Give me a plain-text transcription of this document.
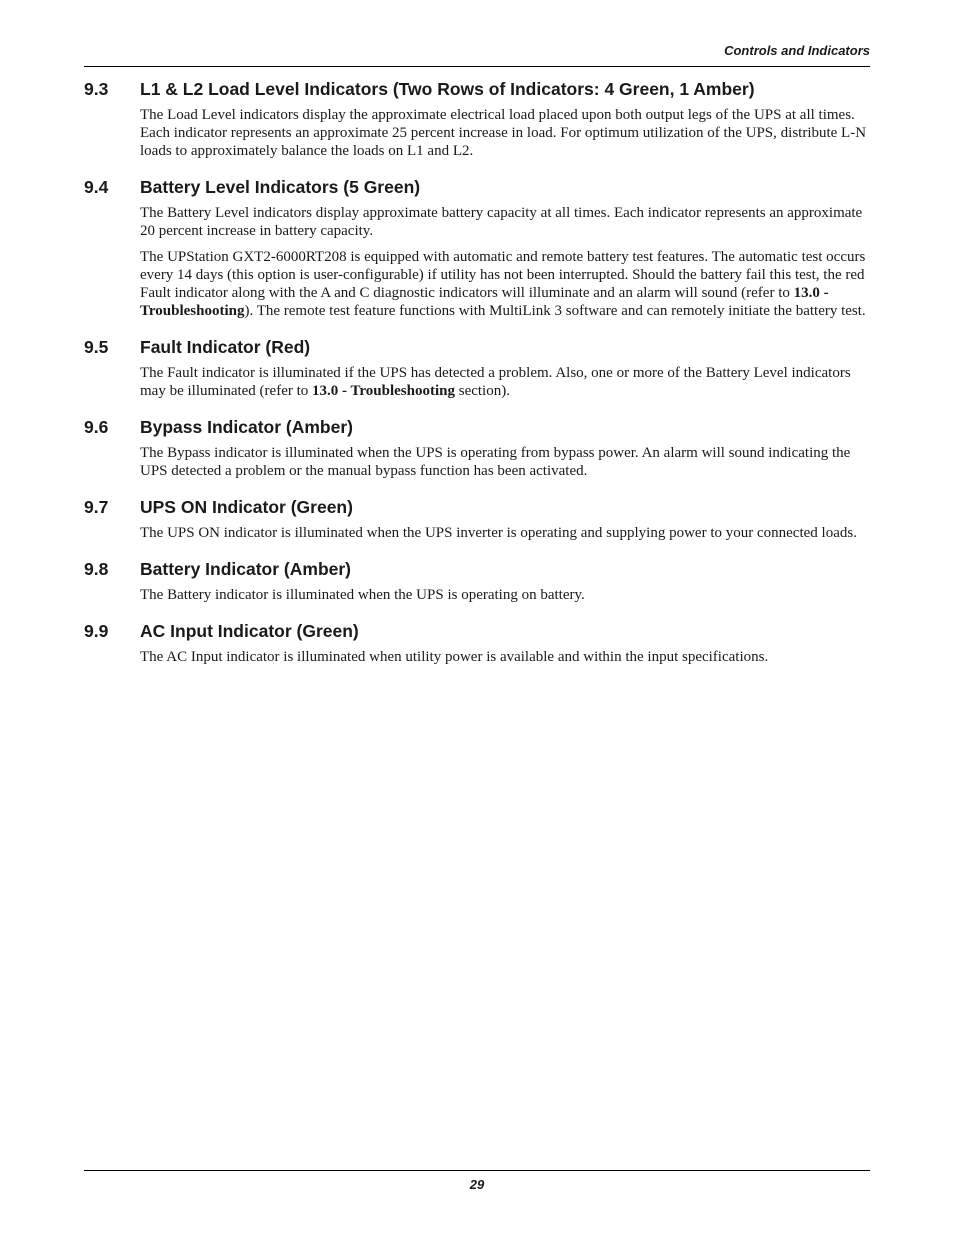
Controls and Indicators
9.3	L1 & L2 Load Level Indicators (Two Rows of Indicators: 4 Green, 1 Amber)

The Load Level indicators display the approximate electrical load placed upon both output legs of the UPS at all times. Each indicator represents an approximate 25 percent increase in load. For optimum utilization of the UPS, distribute L-N loads to approximately balance the loads on L1 and L2.

9.4	Battery Level Indicators (5 Green)

The Battery Level indicators display approximate battery capacity at all times. Each indicator represents an approximate 20 percent increase in battery capacity.

The UPStation GXT2-6000RT208 is equipped with automatic and remote battery test features. The automatic test occurs every 14 days (this option is user-configurable) if utility has not been interrupted. Should the battery fail this test, the red Fault indicator along with the A and C diagnostic indicators will illuminate and an alarm will sound (refer to 13.0 - Troubleshooting). The remote test feature functions with MultiLink 3 software and can remotely initiate the battery test.

9.5	Fault Indicator (Red)

The Fault indicator is illuminated if the UPS has detected a problem. Also, one or more of the Battery Level indicators may be illuminated (refer to 13.0 - Troubleshooting section).

9.6	Bypass Indicator (Amber)

The Bypass indicator is illuminated when the UPS is operating from bypass power. An alarm will sound indicating the UPS detected a problem or the manual bypass function has been activated.

9.7	UPS ON Indicator (Green)

The UPS ON indicator is illuminated when the UPS inverter is operating and supplying power to your connected loads.

9.8	Battery Indicator (Amber)

The Battery indicator is illuminated when the UPS is operating on battery.

9.9	AC Input Indicator (Green)

The AC Input indicator is illuminated when utility power is available and within the input specifications.

29
